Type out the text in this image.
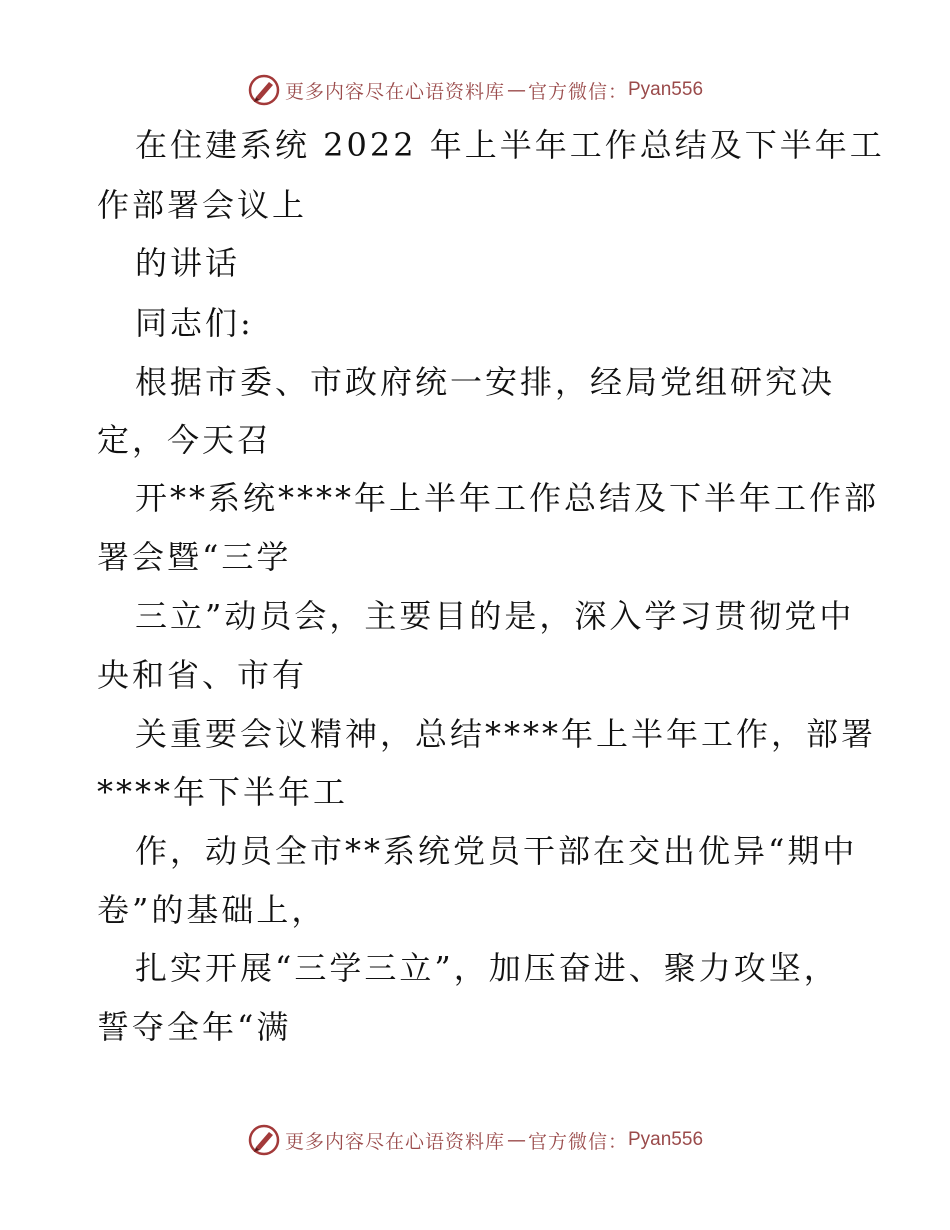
更多内容尽在心语资料库 — 官方微信： Pyan556
在住建系统 2022 年上半年工作总结及下半年工
作部署会议上
的讲话
同志们:
根据市委、市政府统一安排，经局党组研究决
定，今天召
开**系统****年上半年工作总结及下半年工作部
署会暨“三学
三立”动员会，主要目的是，深入学习贯彻党中
央和省、市有
关重要会议精神，总结****年上半年工作，部署
****年下半年工
作，动员全市**系统党员干部在交出优异“期中
卷”的基础上，
扎实开展“三学三立”，加压奋进、聚力攻坚，
誓夺全年“满
更多内容尽在心语资料库 — 官方微信： Pyan556
